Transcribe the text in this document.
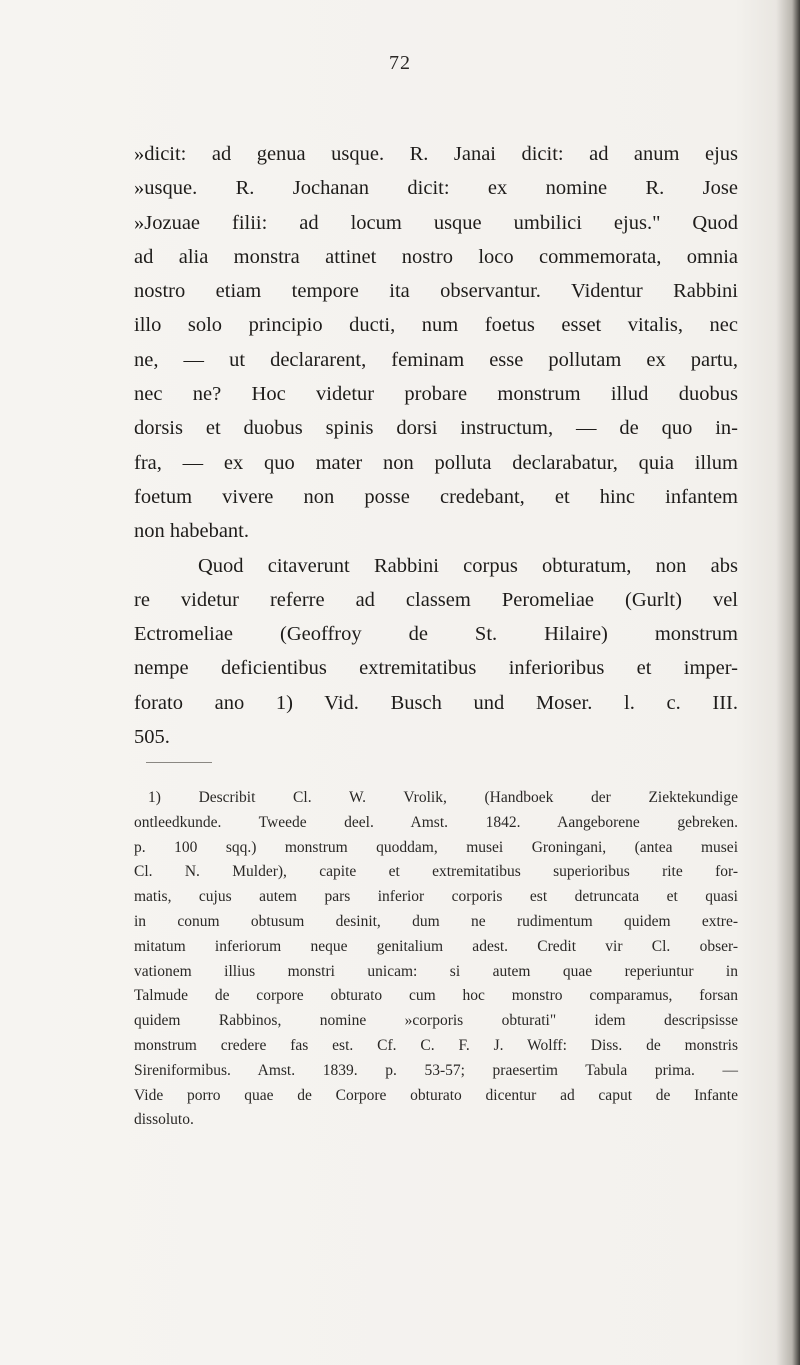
72
»dicit: ad genua usque. R. Janai dicit: ad anum ejus
»usque. R. Jochanan dicit: ex nomine R. Jose
»Jozuae filii: ad locum usque umbilici ejus." Quod
ad alia monstra attinet nostro loco commemorata, omnia
nostro etiam tempore ita observantur. Videntur Rabbini
illo solo principio ducti, num foetus esset vitalis, nec
ne, — ut declararent, feminam esse pollutam ex partu,
nec ne? Hoc videtur probare monstrum illud duobus
dorsis et duobus spinis dorsi instructum, — de quo in-
fra, — ex quo mater non polluta declarabatur, quia illum
foetum vivere non posse credebant, et hinc infantem
non habebant.
Quod citaverunt Rabbini corpus obturatum, non abs
re videtur referre ad classem Peromeliae (Gurlt) vel
Ectromeliae (Geoffroy de St. Hilaire) monstrum
nempe deficientibus extremitatibus inferioribus et imper-
forato ano 1) Vid. Busch und Moser. l. c. III.
505.
1) Describit Cl. W. Vrolik, (Handboek der Ziektekundige
ontleedkunde. Tweede deel. Amst. 1842. Aangeborene gebreken.
p. 100 sqq.) monstrum quoddam, musei Groningani, (antea musei
Cl. N. Mulder), capite et extremitatibus superioribus rite for-
matis, cujus autem pars inferior corporis est detruncata et quasi
in conum obtusum desinit, dum ne rudimentum quidem extre-
mitatum inferiorum neque genitalium adest. Credit vir Cl. obser-
vationem illius monstri unicam: si autem quae reperiuntur in
Talmude de corpore obturato cum hoc monstro comparamus, forsan
quidem Rabbinos, nomine »corporis obturati" idem descripsisse
monstrum credere fas est. Cf. C. F. J. Wolff: Diss. de monstris
Sireniformibus. Amst. 1839. p. 53-57; praesertim Tabula prima. —
Vide porro quae de Corpore obturato dicentur ad caput de Infante
dissoluto.
